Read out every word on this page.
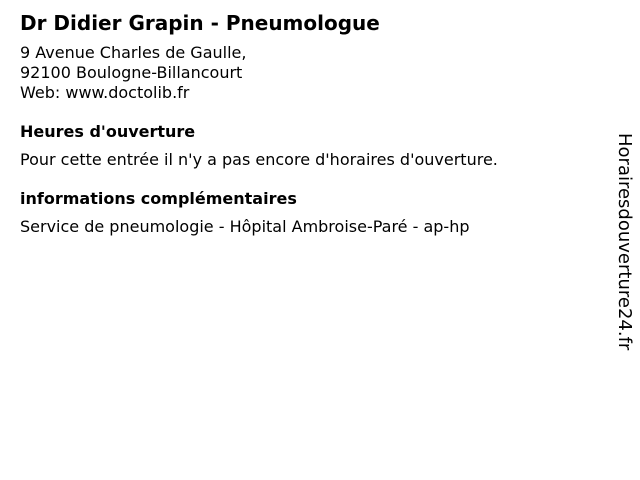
Dr Didier Grapin - Pneumologue
9 Avenue Charles de Gaulle,
92100 Boulogne-Billancourt
Web: www.doctolib.fr
Heures d'ouverture
Pour cette entrée il n'y a pas encore d'horaires d'ouverture.
informations complémentaires
Service de pneumologie - Hôpital Ambroise-Paré - ap-hp	Horairesdouverture24.fr
